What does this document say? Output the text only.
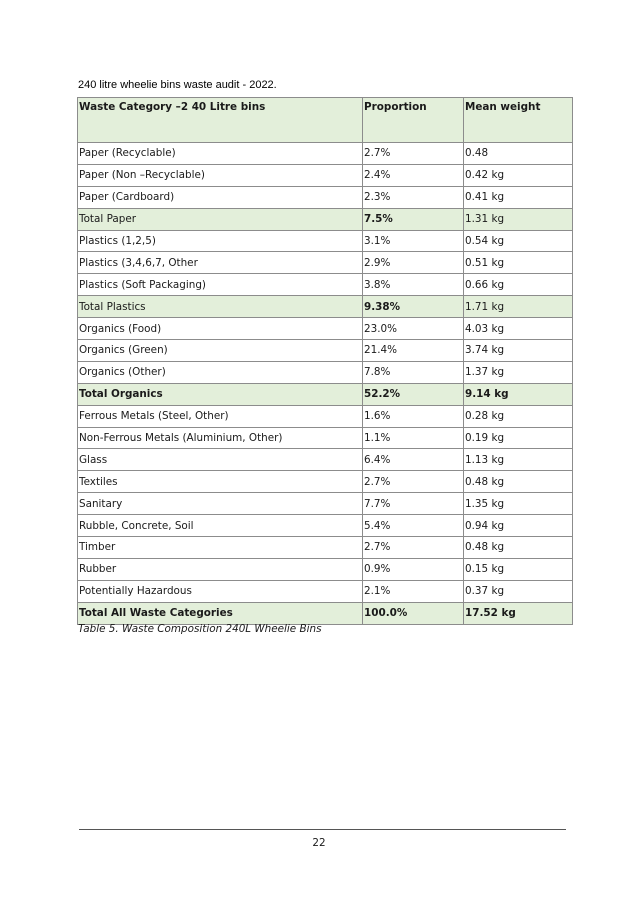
240 litre wheelie bins waste audit - 2022.
Waste Category –2 40 Litre bins	Proportion	Mean weight
Paper (Recyclable)	2.7%	0.48
Paper (Non –Recyclable)	2.4%	0.42 kg
Paper (Cardboard)	2.3%	0.41 kg
Total Paper	7.5%	1.31 kg
Plastics (1,2,5)	3.1%	0.54 kg
Plastics (3,4,6,7, Other	2.9%	0.51 kg
Plastics (Soft Packaging)	3.8%	0.66 kg
Total Plastics	9.38%	1.71 kg
Organics (Food)	23.0%	4.03 kg
Organics (Green)	21.4%	3.74 kg
Organics (Other)	7.8%	1.37 kg
Total Organics	52.2%	9.14 kg
Ferrous Metals (Steel, Other)	1.6%	0.28 kg
Non-Ferrous Metals (Aluminium, Other)	1.1%	0.19 kg
Glass	6.4%	1.13 kg
Textiles	2.7%	0.48 kg
Sanitary	7.7%	1.35 kg
Rubble, Concrete, Soil	5.4%	0.94 kg
Timber	2.7%	0.48 kg
Rubber	0.9%	0.15 kg
Potentially Hazardous	2.1%	0.37 kg
Total All Waste Categories	100.0%	17.52 kg
Table 5. Waste Composition 240L Wheelie Bins
22
